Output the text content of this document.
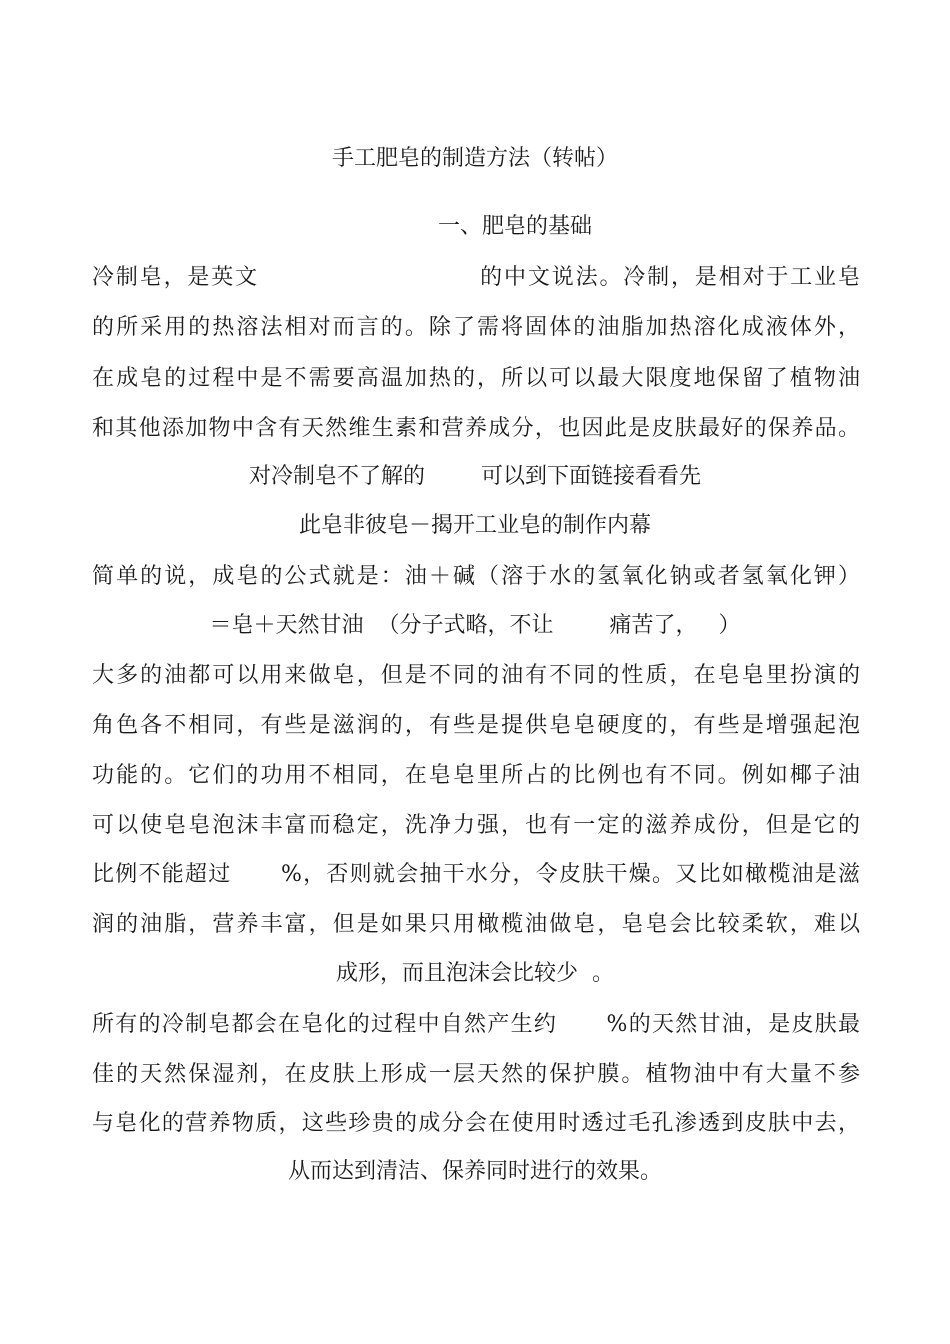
手工肥皂的制造方法（转帖）
一、肥皂的基础
冷制皂，是英文                         的中文说法。冷制，是相对于工业皂
的所采用的热溶法相对而言的。除了需将固体的油脂加热溶化成液体外，
在成皂的过程中是不需要高温加热的，所以可以最大限度地保留了植物油
和其他添加物中含有天然维生素和营养成分，也因此是皮肤最好的保养品。
对冷制皂不了解的        可以到下面链接看看先
此皂非彼皂－揭开工业皂的制作内幕
简单的说，成皂的公式就是：油＋碱（溶于水的氢氧化钠或者氢氧化钾）
＝皂＋天然甘油  （分子式略，不让        痛苦了，   ）
大多的油都可以用来做皂，但是不同的油有不同的性质，在皂皂里扮演的
角色各不相同，有些是滋润的，有些是提供皂皂硬度的，有些是增强起泡
功能的。它们的功用不相同，在皂皂里所占的比例也有不同。例如椰子油
可以使皂皂泡沫丰富而稳定，洗净力强，也有一定的滋养成份，但是它的
比例不能超过      %，否则就会抽干水分，令皮肤干燥。又比如橄榄油是滋
润的油脂，营养丰富，但是如果只用橄榄油做皂，皂皂会比较柔软，难以
成形，而且泡沫会比较少  。
所有的冷制皂都会在皂化的过程中自然产生约      %的天然甘油，是皮肤最
佳的天然保湿剂，在皮肤上形成一层天然的保护膜。植物油中有大量不参
与皂化的营养物质，这些珍贵的成分会在使用时透过毛孔渗透到皮肤中去，
从而达到清洁、保养同时进行的效果。
